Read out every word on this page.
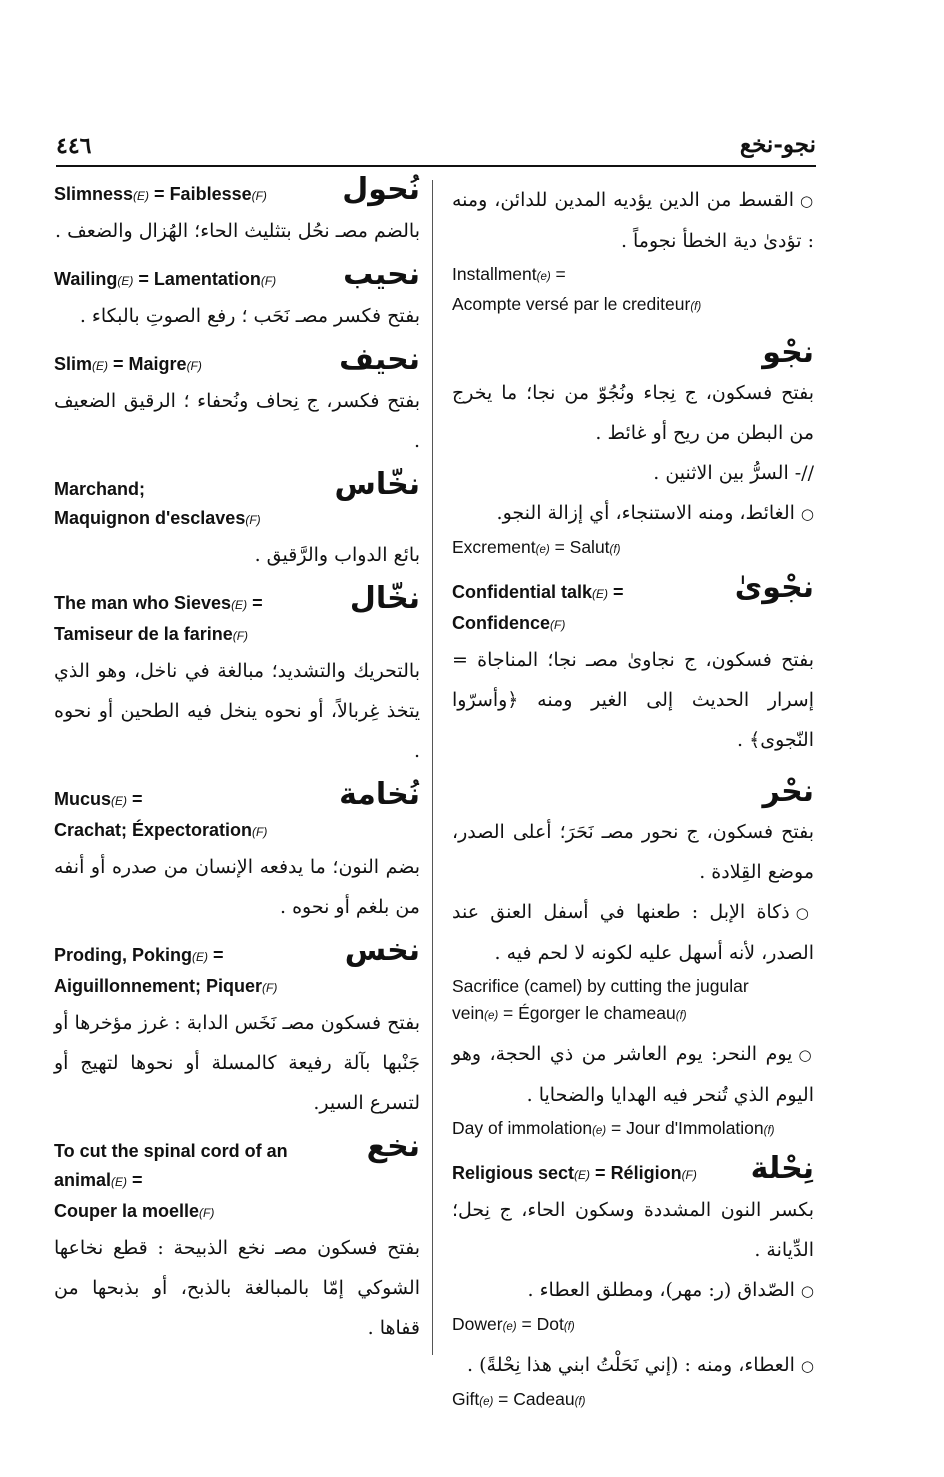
نجو-نخع
٤٤٦
نُحول
Slimness(E) = Faiblesse(F)

بالضم مصـ نحُل بتثليث الحاء؛ الهُزال والضعف .

نحيب
Wailing(E) = Lamentation(F)

بفتح فكسر مصـ نَحَب ؛ رفع الصوتِ بالبكاء .

نحيف
Slim(E) = Maigre(F)

بفتح فكسر، ج نِحاف ونُحفاء ؛ الرقيق الضعيف .

نخّاس
Marchand;
Maquignon d'esclaves(F)

بائع الدواب والرَّقيق .

نخّال
The man who Sieves(E) =
Tamiseur de la farine(F)

بالتحريك والتشديد؛ مبالغة في ناخل، وهو الذي يتخذ غِربالاً، أو نحوه ينخل فيه الطحين أو نحوه .

نُخامة
Mucus(E) =
Crachat; Éxpectoration(F)

بضم النون؛ ما يدفعه الإنسان من صدره أو أنفه من بلغم أو نحوه .

نخس
Proding, Poking(E) =
Aiguillonnement; Piquer(F)

بفتح فسكون مصـ نَخَس الدابة : غرز مؤخرها أو جَنْبها بآلة رفيعة كالمسلة أو نحوها لتهيج أو لتسرع السير.

نخع
To cut the spinal cord of an animal(E) =
Couper la moelle(F)

بفتح فسكون مصـ نخع الذبيحة : قطع نخاعها الشوكي إمّا بالمبالغة بالذبح، أو بذبحها من قفاها .

○ القسط من الدين يؤديه المدين للدائن، ومنه : تؤدىٰ دية الخطأ نجوماً .

Installment(e) =
Acompte versé par le crediteur(f)

نجْو

بفتح فسكون، ج نِجاء ونُجُوّ من نجا؛ ما يخرج من البطن من ريح أو غائط .

//- السرُّ بين الاثنين .

○ الغائط، ومنه الاستنجاء، أي إزالة النجو.

Excrement(e) = Salut(f)

نجْوىٰ
Confidential talk(E) =
Confidence(F)

بفتح فسكون، ج نجاوىٰ مصـ نجا؛ المناجاة = إسرار الحديث إلى الغير ومنه ﴿وأسرّوا النّجوى﴾ .

نحْر

بفتح فسكون، ج نحور مصـ نَحَرَ؛ أعلى الصدر، موضع القِلادة .

○ ذكاة الإبل : طعنها في أسفل العنق عند الصدر، لأنه أسهل عليه لكونه لا لحم فيه .

Sacrifice (camel) by cutting the jugular
vein(e) = Égorger le chameau(f)

○ يوم النحر: يوم العاشر من ذي الحجة، وهو اليوم الذي تُنحر فيه الهدايا والضحايا .

Day of immolation(e) = Jour d'Immolation(f)

نِحْلة
Religious sect(E) = Réligion(F)

بكسر النون المشددة وسكون الحاء، ج نِحل؛ الدِّيانة .

○ الصّداق (ر: مهر)، ومطلق العطاء .

Dower(e) = Dot(f)

○ العطاء، ومنه : (إني نَحَلْتُ ابني هذا نِحْلةً) .

Gift(e) = Cadeau(f)
